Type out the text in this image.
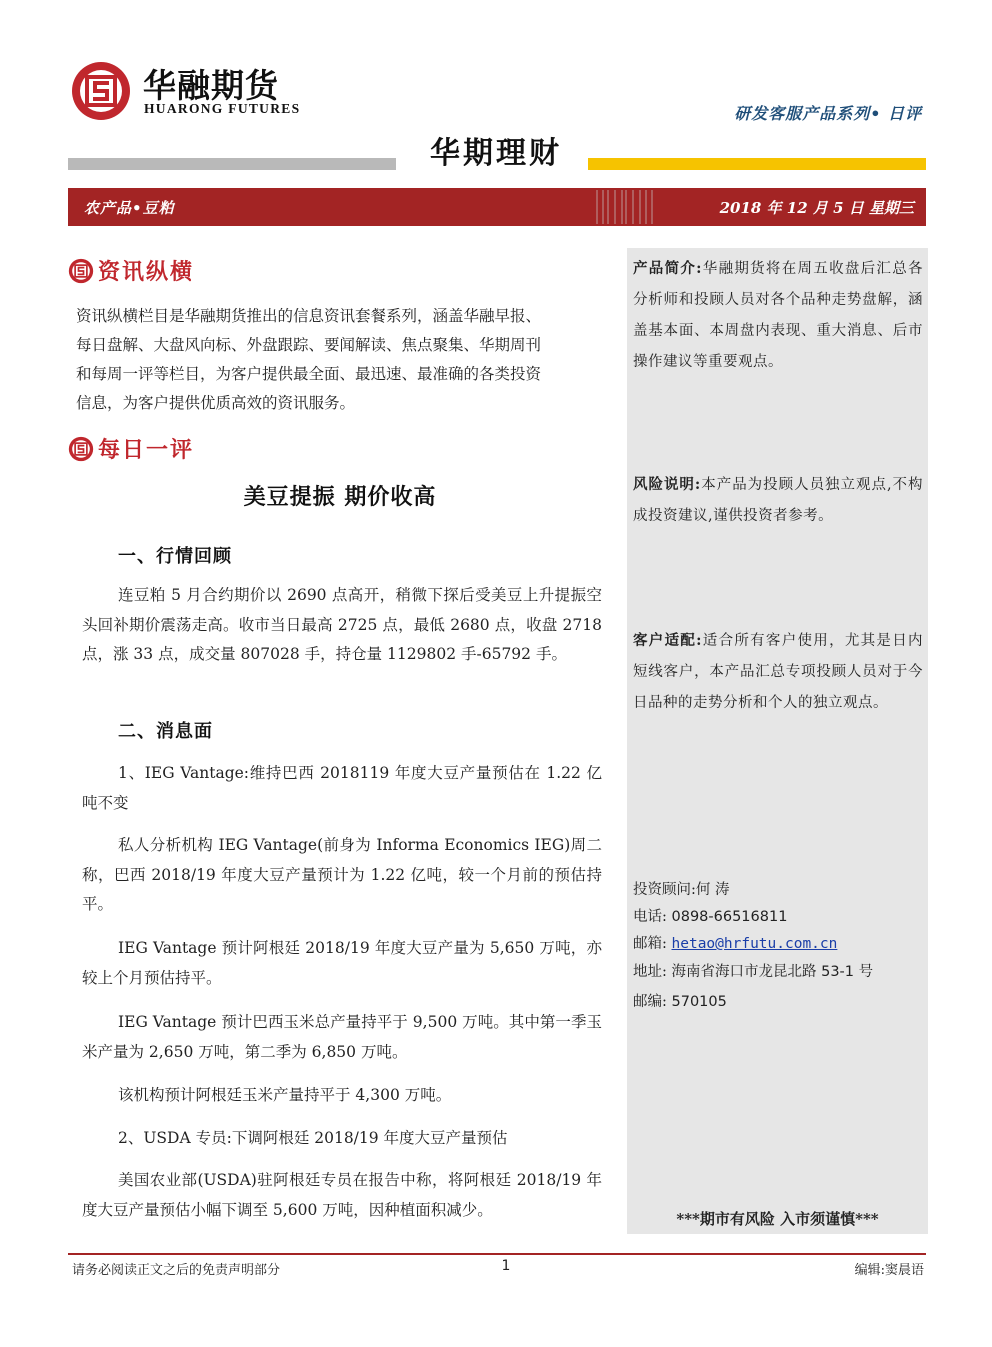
华融期货
HUARONG FUTURES	研发客服产品系列• 日评
华期理财
农产品•豆粕	2018 年 12 月 5 日 星期三
资讯纵横
资讯纵横栏目是华融期货推出的信息资讯套餐系列，涵盖华融早报、
每日盘解、大盘风向标、外盘跟踪、要闻解读、焦点聚集、华期周刊
和每周一评等栏目，为客户提供最全面、最迅速、最准确的各类投资
信息，为客户提供优质高效的资讯服务。
每日一评
美豆提振 期价收高
一、行情回顾
连豆粕 5 月合约期价以 2690 点高开，稍微下探后受美豆上升提振空头回补期价震荡走高。收市当日最高 2725 点，最低 2680 点，收盘 2718 点，涨 33 点，成交量 807028 手，持仓量 1129802 手-65792 手。
二、消息面
1、IEG Vantage:维持巴西 2018119 年度大豆产量预估在 1.22 亿吨不变
私人分析机构 IEG Vantage(前身为 Informa Economics IEG)周二称，巴西 2018/19 年度大豆产量预计为 1.22 亿吨，较一个月前的预估持平。
IEG Vantage 预计阿根廷 2018/19 年度大豆产量为 5,650 万吨，亦较上个月预估持平。
IEG Vantage 预计巴西玉米总产量持平于 9,500 万吨。其中第一季玉米产量为 2,650 万吨，第二季为 6,850 万吨。
该机构预计阿根廷玉米产量持平于 4,300 万吨。
2、USDA 专员:下调阿根廷 2018/19 年度大豆产量预估
美国农业部(USDA)驻阿根廷专员在报告中称，将阿根廷 2018/19 年度大豆产量预估小幅下调至 5,600 万吨，因种植面积减少。
产品简介:华融期货将在周五收盘后汇总各分析师和投顾人员对各个品种走势盘解，涵盖基本面、本周盘内表现、重大消息、后市操作建议等重要观点。
风险说明:本产品为投顾人员独立观点,不构成投资建议,谨供投资者参考。
客户适配:适合所有客户使用，尤其是日内短线客户，本产品汇总专项投顾人员对于今日品种的走势分析和个人的独立观点。
投资顾问:何 涛
电话: 0898-66516811
邮箱: hetao@hrfutu.com.cn
地址: 海南省海口市龙昆北路 53-1 号
邮编: 570105
***期市有风险 入市须谨慎***
请务必阅读正文之后的免责声明部分	1	编辑:窦晨语
